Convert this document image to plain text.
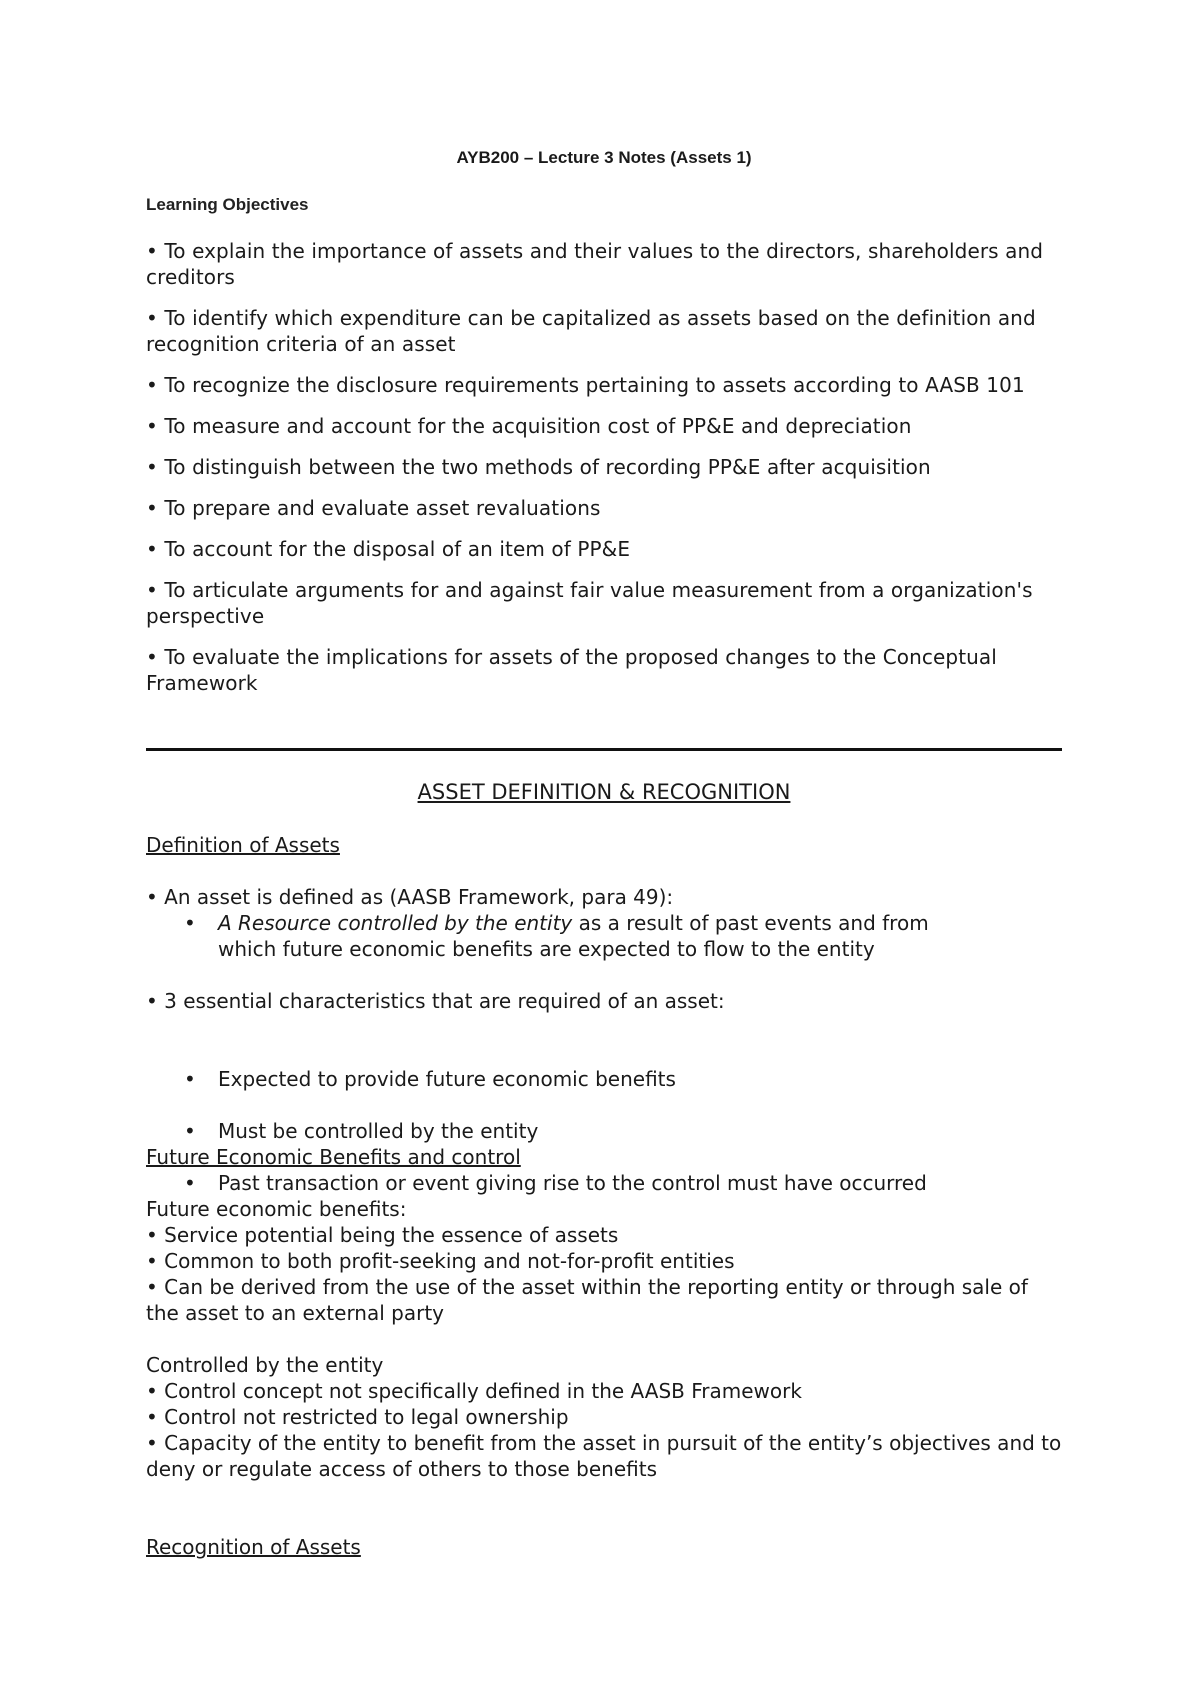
AYB200 – Lecture 3 Notes (Assets 1)
Learning Objectives

• To explain the importance of assets and their values to the directors, shareholders and creditors

• To identify which expenditure can be capitalized as assets based on the definition and recognition criteria of an asset

• To recognize the disclosure requirements pertaining to assets according to AASB 101

• To measure and account for the acquisition cost of PP&E and depreciation

• To distinguish between the two methods of recording PP&E after acquisition

• To prepare and evaluate asset revaluations

• To account for the disposal of an item of PP&E

• To articulate arguments for and against fair value measurement from a organization's perspective

• To evaluate the implications for assets of the proposed changes to the Conceptual Framework

ASSET DEFINITION & RECOGNITION
Definition of Assets
• An asset is defined as (AASB Framework, para 49):
• A Resource controlled by the entity as a result of past events and from
which future economic benefits are expected to flow to the entity
• 3 essential characteristics that are required of an asset:
• Expected to provide future economic benefits
• Must be controlled by the entity
• Past transaction or event giving rise to the control must have occurred
Future Economic Benefits and control
Future economic benefits:
• Service potential being the essence of assets
• Common to both profit-seeking and not-for-profit entities
• Can be derived from the use of the asset within the reporting entity or through sale of the asset to an external party
Controlled by the entity
• Control concept not specifically defined in the AASB Framework
• Control not restricted to legal ownership
• Capacity of the entity to benefit from the asset in pursuit of the entity’s objectives and to deny or regulate access of others to those benefits
Recognition of Assets
